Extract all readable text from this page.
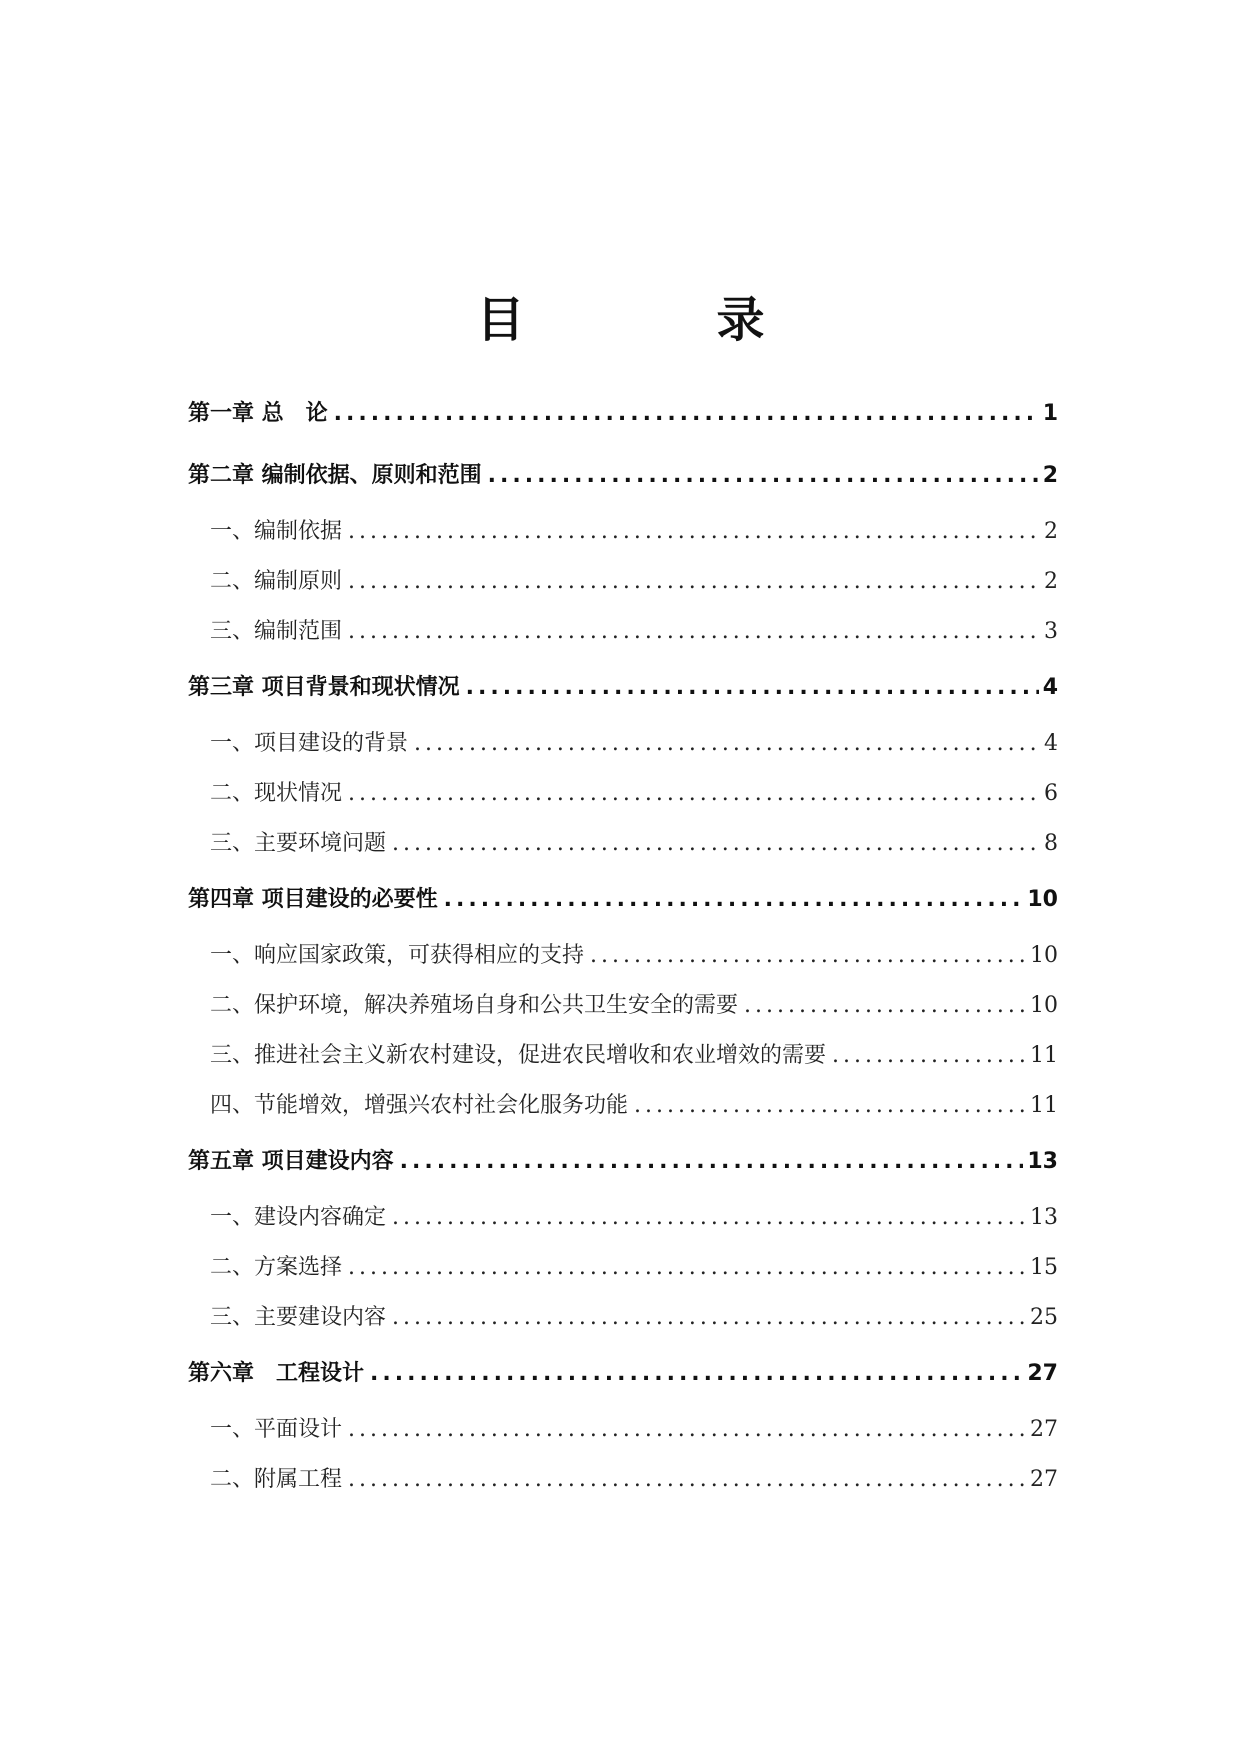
目　录
第一章 总　论 .....	1
第二章 编制依据、原则和范围 .....	2
一、编制依据 .....	2
二、编制原则 .....	2
三、编制范围 .....	3
第三章 项目背景和现状情况 .....	4
一、项目建设的背景 .....	4
二、现状情况 .....	6
三、主要环境问题 .....	8
第四章 项目建设的必要性 .....	10
一、响应国家政策，可获得相应的支持 .....	10
二、保护环境，解决养殖场自身和公共卫生安全的需要 .....	10
三、推进社会主义新农村建设，促进农民增收和农业增效的需要 .....	11
四、节能增效，增强兴农村社会化服务功能 .....	11
第五章 项目建设内容 .....	13
一、建设内容确定 .....	13
二、方案选择 .....	15
三、主要建设内容 .....	25
第六章　工程设计 .....	27
一、平面设计 .....	27
二、附属工程 .....	27
